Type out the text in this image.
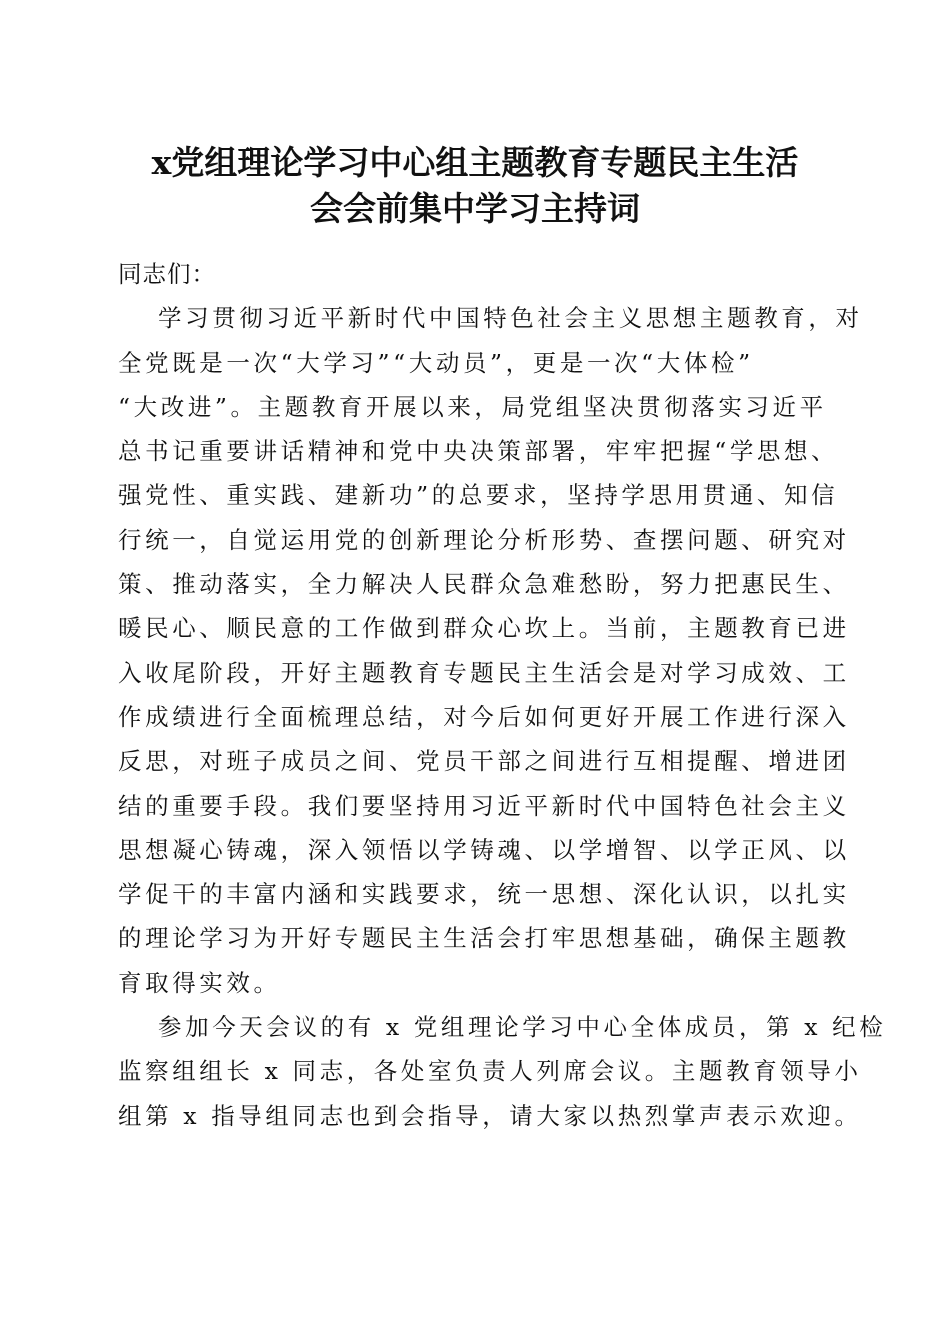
x党组理论学习中心组主题教育专题民主生活
会会前集中学习主持词
同志们：
学习贯彻习近平新时代中国特色社会主义思想主题教育，对
全党既是一次“大学习”“大动员”，更是一次“大体检”
“大改进”。主题教育开展以来，局党组坚决贯彻落实习近平
总书记重要讲话精神和党中央决策部署，牢牢把握“学思想、
强党性、重实践、建新功”的总要求，坚持学思用贯通、知信
行统一，自觉运用党的创新理论分析形势、查摆问题、研究对
策、推动落实，全力解决人民群众急难愁盼，努力把惠民生、
暖民心、顺民意的工作做到群众心坎上。当前，主题教育已进
入收尾阶段，开好主题教育专题民主生活会是对学习成效、工
作成绩进行全面梳理总结，对今后如何更好开展工作进行深入
反思，对班子成员之间、党员干部之间进行互相提醒、增进团
结的重要手段。我们要坚持用习近平新时代中国特色社会主义
思想凝心铸魂，深入领悟以学铸魂、以学增智、以学正风、以
学促干的丰富内涵和实践要求，统一思想、深化认识，以扎实
的理论学习为开好专题民主生活会打牢思想基础，确保主题教
育取得实效。
参加今天会议的有 x 党组理论学习中心全体成员，第 x 纪检
监察组组长 x 同志，各处室负责人列席会议。主题教育领导小
组第 x 指导组同志也到会指导，请大家以热烈掌声表示欢迎。
